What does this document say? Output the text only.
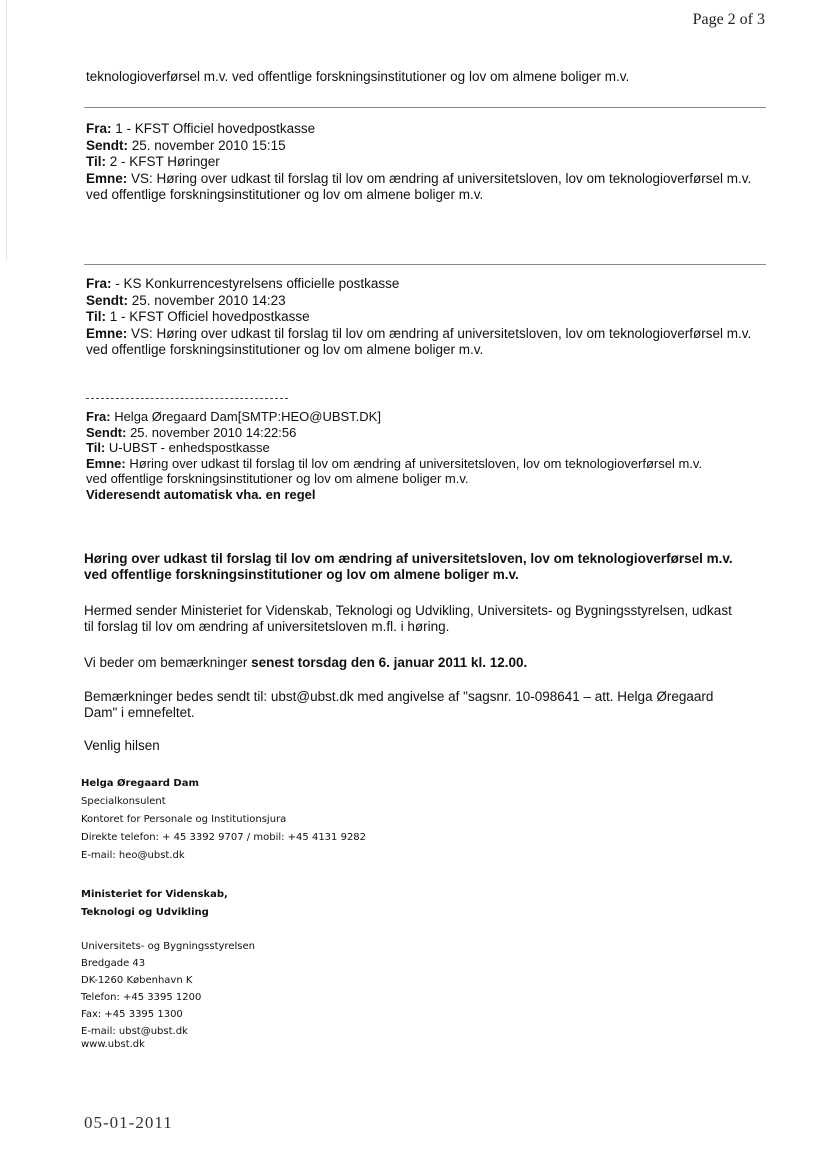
Page 2 of 3
teknologioverførsel m.v. ved offentlige forskningsinstitutioner og lov om almene boliger m.v.
Fra: 1 - KFST Officiel hovedpostkasse
Sendt: 25. november 2010 15:15
Til: 2 - KFST Høringer
Emne: VS: Høring over udkast til forslag til lov om ændring af universitetsloven, lov om teknologioverførsel m.v. ved offentlige forskningsinstitutioner og lov om almene boliger m.v.
Fra: - KS Konkurrencestyrelsens officielle postkasse
Sendt: 25. november 2010 14:23
Til: 1 - KFST Officiel hovedpostkasse
Emne: VS: Høring over udkast til forslag til lov om ændring af universitetsloven, lov om teknologioverførsel m.v. ved offentlige forskningsinstitutioner og lov om almene boliger m.v.
Fra: Helga Øregaard Dam[SMTP:HEO@UBST.DK]
Sendt: 25. november 2010 14:22:56
Til: U-UBST - enhedspostkasse
Emne: Høring over udkast til forslag til lov om ændring af universitetsloven, lov om teknologioverførsel m.v.
ved offentlige forskningsinstitutioner og lov om almene boliger m.v.
Videresendt automatisk vha. en regel
Høring over udkast til forslag til lov om ændring af universitetsloven, lov om teknologioverførsel m.v.
ved offentlige forskningsinstitutioner og lov om almene boliger m.v.
Hermed sender Ministeriet for Videnskab, Teknologi og Udvikling, Universitets- og Bygningsstyrelsen, udkast
til forslag til lov om ændring af universitetsloven m.fl. i høring.
Vi beder om bemærkninger senest torsdag den 6. januar 2011 kl. 12.00.
Bemærkninger bedes sendt til: ubst@ubst.dk med angivelse af "sagsnr. 10-098641 – att. Helga Øregaard
Dam" i emnefeltet.
Venlig hilsen
Helga Øregaard Dam
Specialkonsulent
Kontoret for Personale og Institutionsjura
Direkte telefon: + 45 3392 9707 / mobil: +45 4131 9282
E-mail: heo@ubst.dk
Ministeriet for Videnskab,
Teknologi og Udvikling
Universitets- og Bygningsstyrelsen
Bredgade 43
DK-1260 København K
Telefon: +45 3395 1200
Fax: +45 3395 1300
E-mail: ubst@ubst.dk
www.ubst.dk
05-01-2011
